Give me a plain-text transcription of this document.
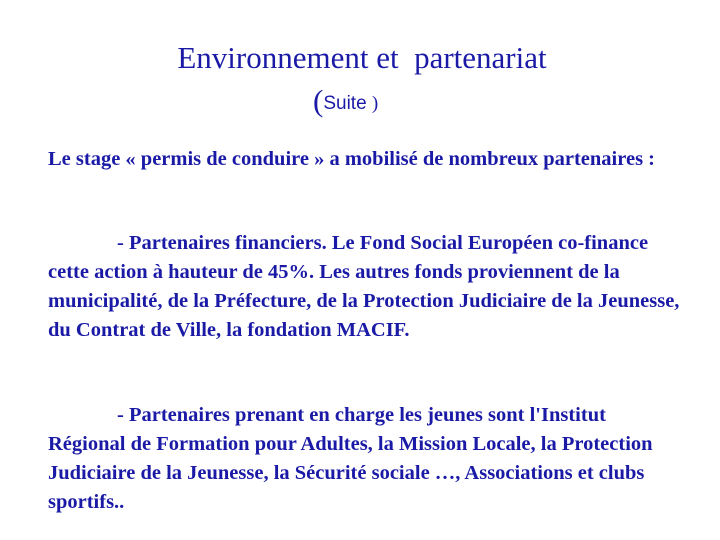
Environnement et  partenariat
(Suite )

Le stage « permis de conduire » a mobilisé de nombreux partenaires :

- Partenaires financiers. Le Fond Social Européen co-finance cette action à hauteur de 45%. Les autres fonds proviennent de la municipalité, de la Préfecture, de la Protection Judiciaire de la Jeunesse, du Contrat de Ville, la fondation MACIF.

- Partenaires prenant en charge les jeunes sont l'Institut Régional de Formation pour Adultes, la Mission Locale, la Protection Judiciaire de la Jeunesse, la Sécurité sociale …, Associations et clubs sportifs..
